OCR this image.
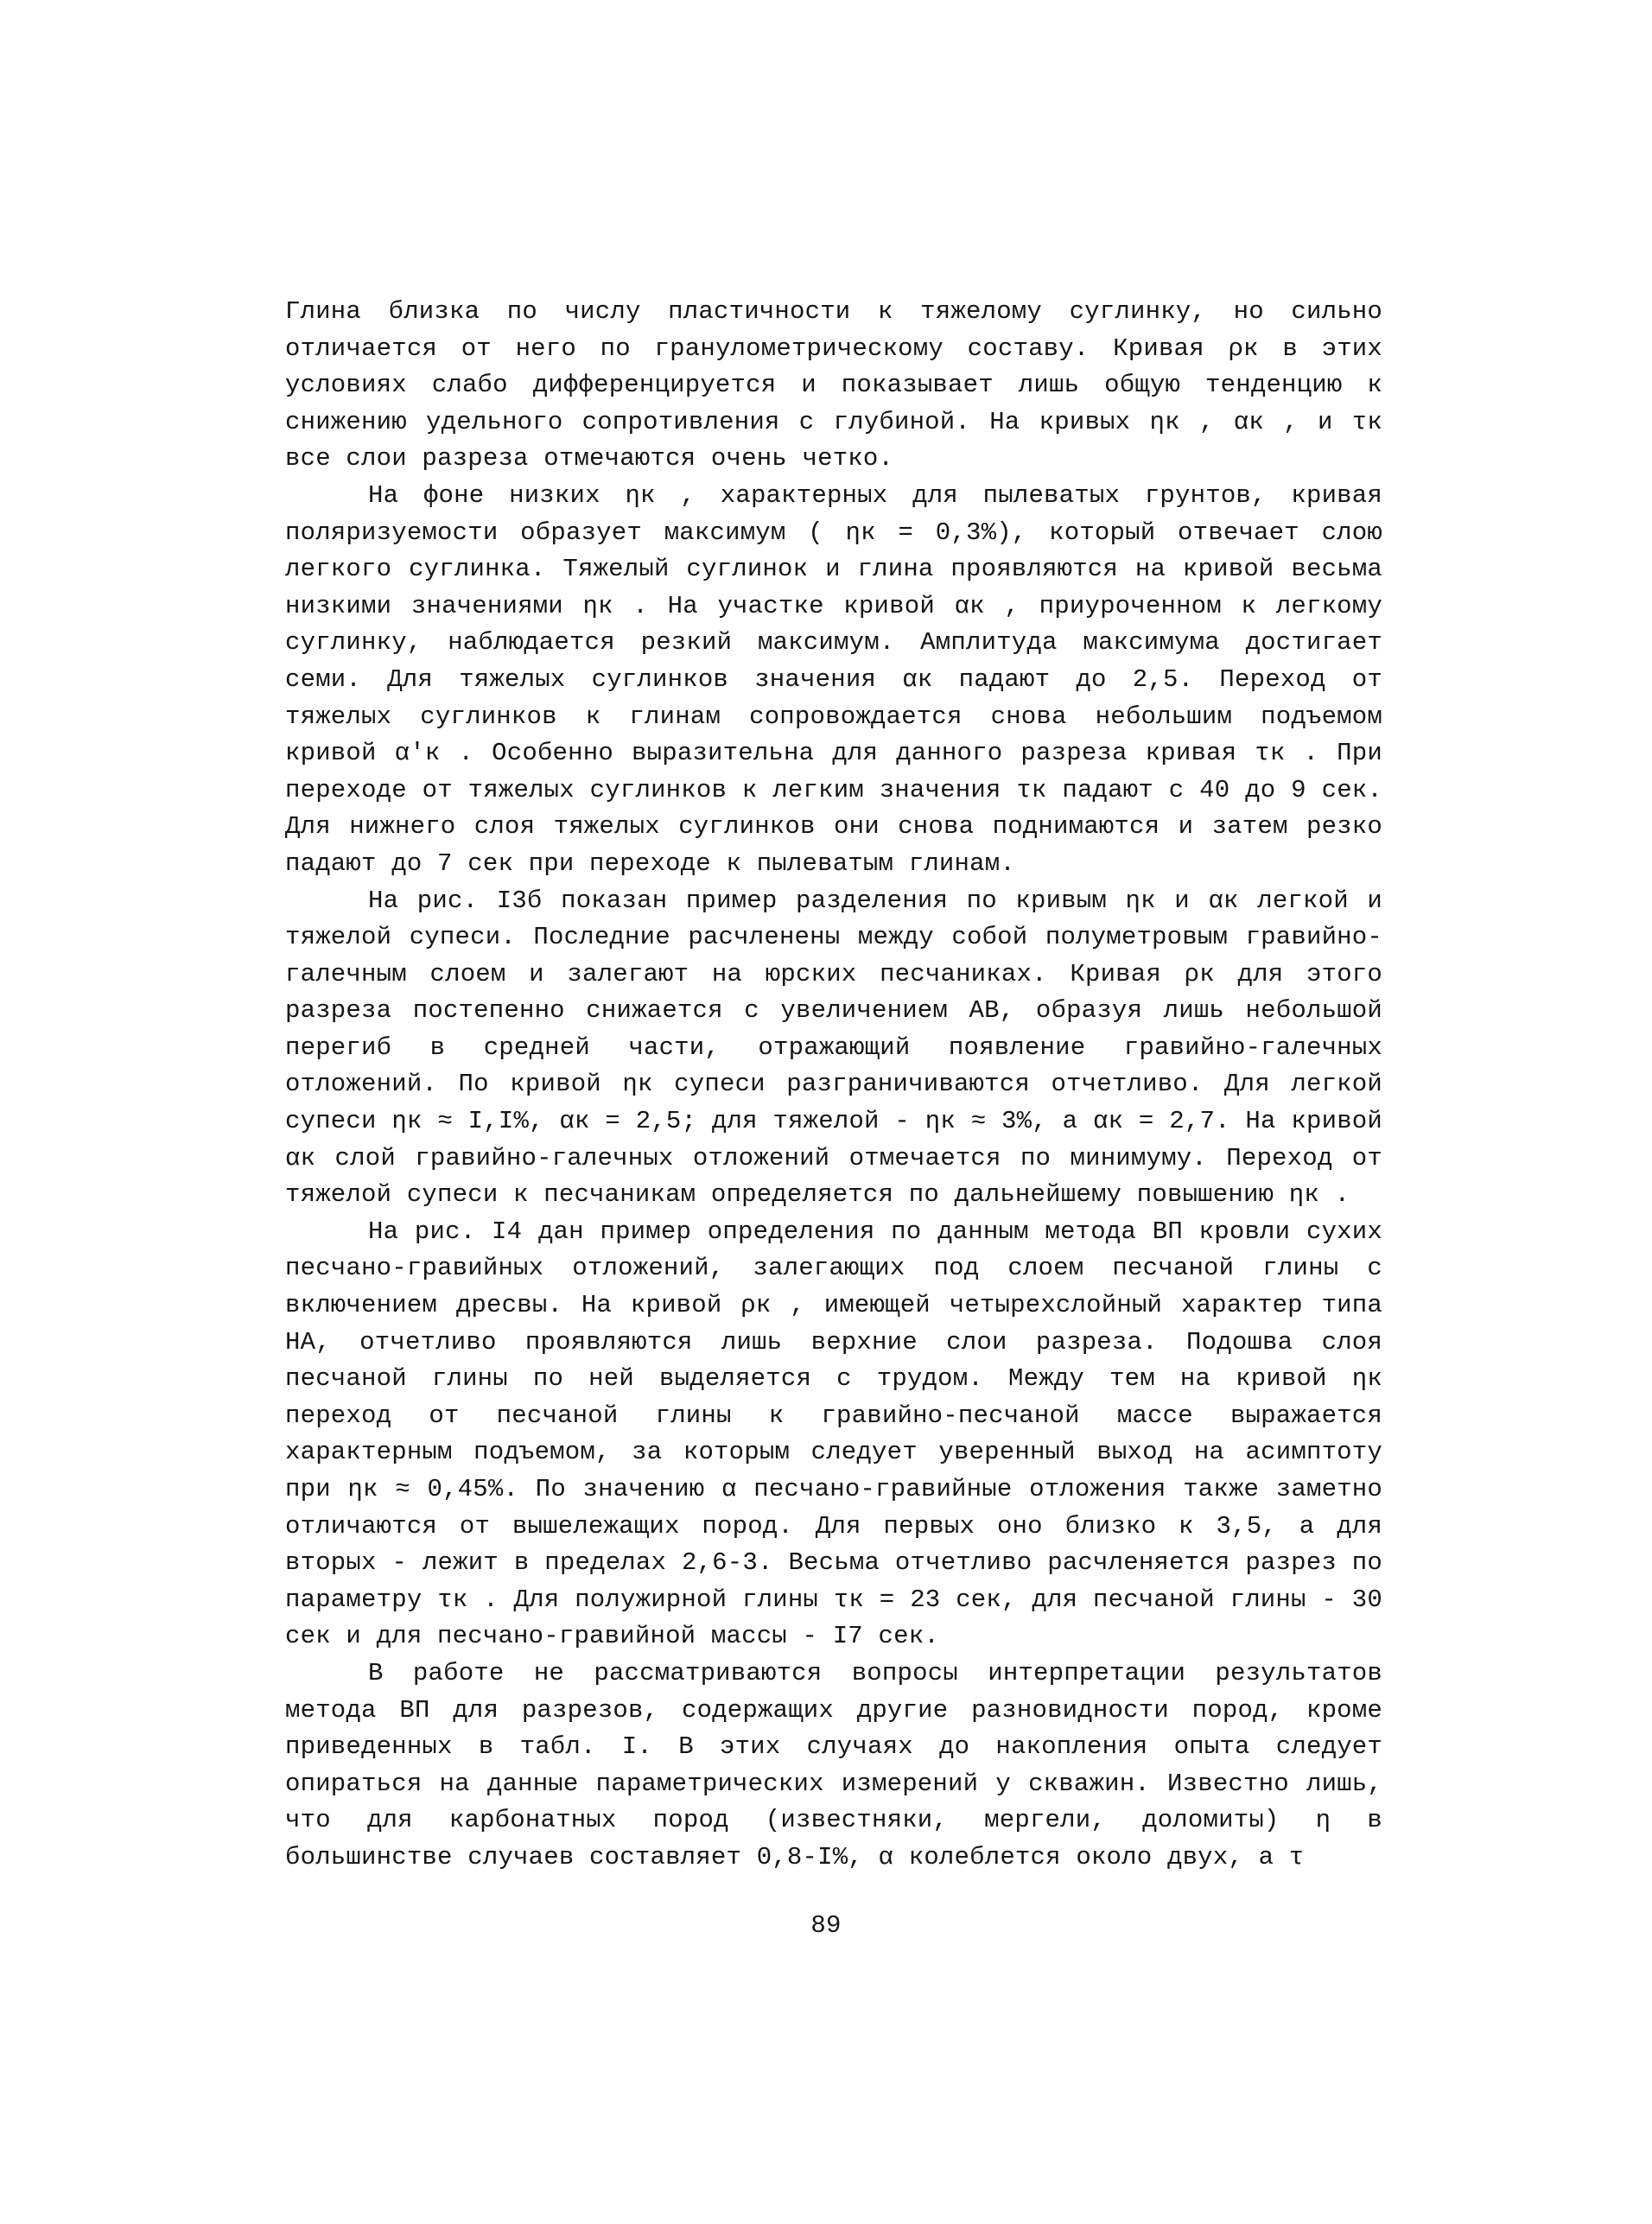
Глина близка по числу пластичности к тяжелому суглинку, но сильно отличается от него по гранулометрическому составу. Кривая ρк в этих условиях слабо дифференцируется и показывает лишь общую тенденцию к снижению удельного сопротивления с глубиной. На кривых ηк , αк , и τк все слои разреза отмечаются очень четко.

На фоне низких ηк , характерных для пылеватых грунтов, кривая поляризуемости образует максимум ( ηк = 0,3%), который отвечает слою легкого суглинка. Тяжелый суглинок и глина проявляются на кривой весьма низкими значениями ηк . На участке кривой αк , приуроченном к легкому суглинку, наблюдается резкий максимум. Амплитуда максимума достигает семи. Для тяжелых суглинков значения αк падают до 2,5. Переход от тяжелых суглинков к глинам сопровождается снова небольшим подъемом кривой α'к . Особенно выразительна для данного разреза кривая τк . При переходе от тяжелых суглинков к легким значения τк падают с 40 до 9 сек. Для нижнего слоя тяжелых суглинков они снова поднимаются и затем резко падают до 7 сек при переходе к пылеватым глинам.

На рис. I3б показан пример разделения по кривым ηк и αк легкой и тяжелой супеси. Последние расчленены между собой полуметровым гравийно-галечным слоем и залегают на юрских песчаниках. Кривая ρк для этого разреза постепенно снижается с увеличением АВ, образуя лишь небольшой перегиб в средней части, отражающий появление гравийно-галечных отложений. По кривой ηк супеси разграничиваются отчетливо. Для легкой супеси ηк ≈ I,I%, αк = 2,5; для тяжелой - ηк ≈ 3%, а αк = 2,7. На кривой αк слой гравийно-галечных отложений отмечается по минимуму. Переход от тяжелой супеси к песчаникам определяется по дальнейшему повышению ηк .

На рис. I4 дан пример определения по данным метода ВП кровли сухих песчано-гравийных отложений, залегающих под слоем песчаной глины с включением дресвы. На кривой ρк , имеющей четырехслойный характер типа НА, отчетливо проявляются лишь верхние слои разреза. Подошва слоя песчаной глины по ней выделяется с трудом. Между тем на кривой ηк переход от песчаной глины к гравийно-песчаной массе выражается характерным подъемом, за которым следует уверенный выход на асимптоту при ηк ≈ 0,45%. По значению α песчано-гравийные отложения также заметно отличаются от вышележащих пород. Для первых оно близко к 3,5, а для вторых - лежит в пределах 2,6-3. Весьма отчетливо расчленяется разрез по параметру τк . Для полужирной глины τк = 23 сек, для песчаной глины - 30 сек и для песчано-гравийной массы - I7 сек.

В работе не рассматриваются вопросы интерпретации результатов метода ВП для разрезов, содержащих другие разновидности пород, кроме приведенных в табл. I. В этих случаях до накопления опыта следует опираться на данные параметрических измерений у скважин. Известно лишь, что для карбонатных пород (известняки, мергели, доломиты) η в большинстве случаев составляет 0,8-I%, α колеблется около двух, а τ

89
